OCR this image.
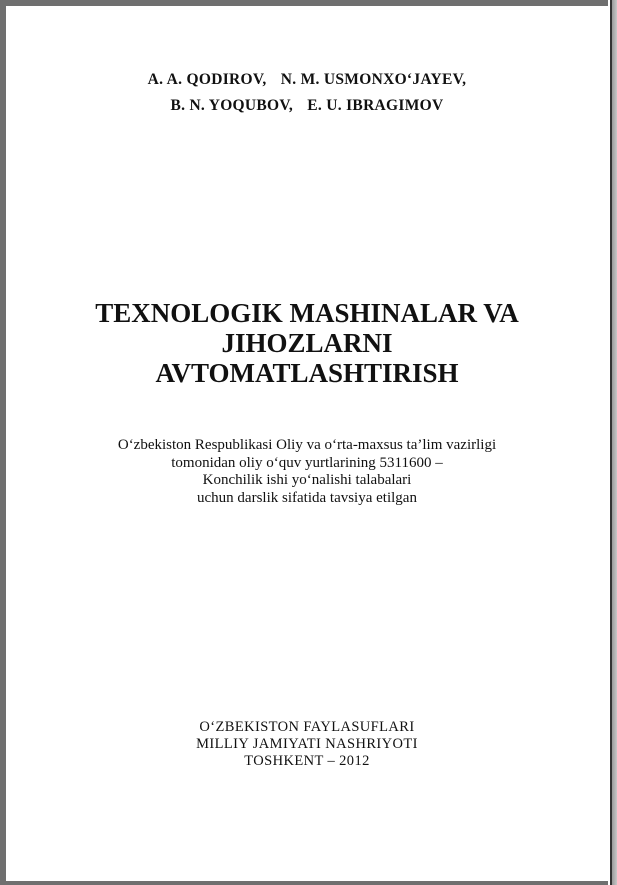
A. A. QODIROV, N. M. USMONXO‘JAYEV,
B. N. YOQUBOV, E. U. IBRAGIMOV
TEXNOLOGIK MASHINALAR VA
JIHOZLARNI
AVTOMATLASHTIRISH
O‘zbekiston Respublikasi Oliy va o‘rta-maxsus ta’lim vazirligi
tomonidan oliy o‘quv yurtlarining 5311600 –
Konchilik ishi yo‘nalishi talabalari
uchun darslik sifatida tavsiya etilgan
O‘ZBEKISTON FAYLASUFLARI
MILLIY JAMIYATI NASHRIYOTI
TOSHKENT – 2012
